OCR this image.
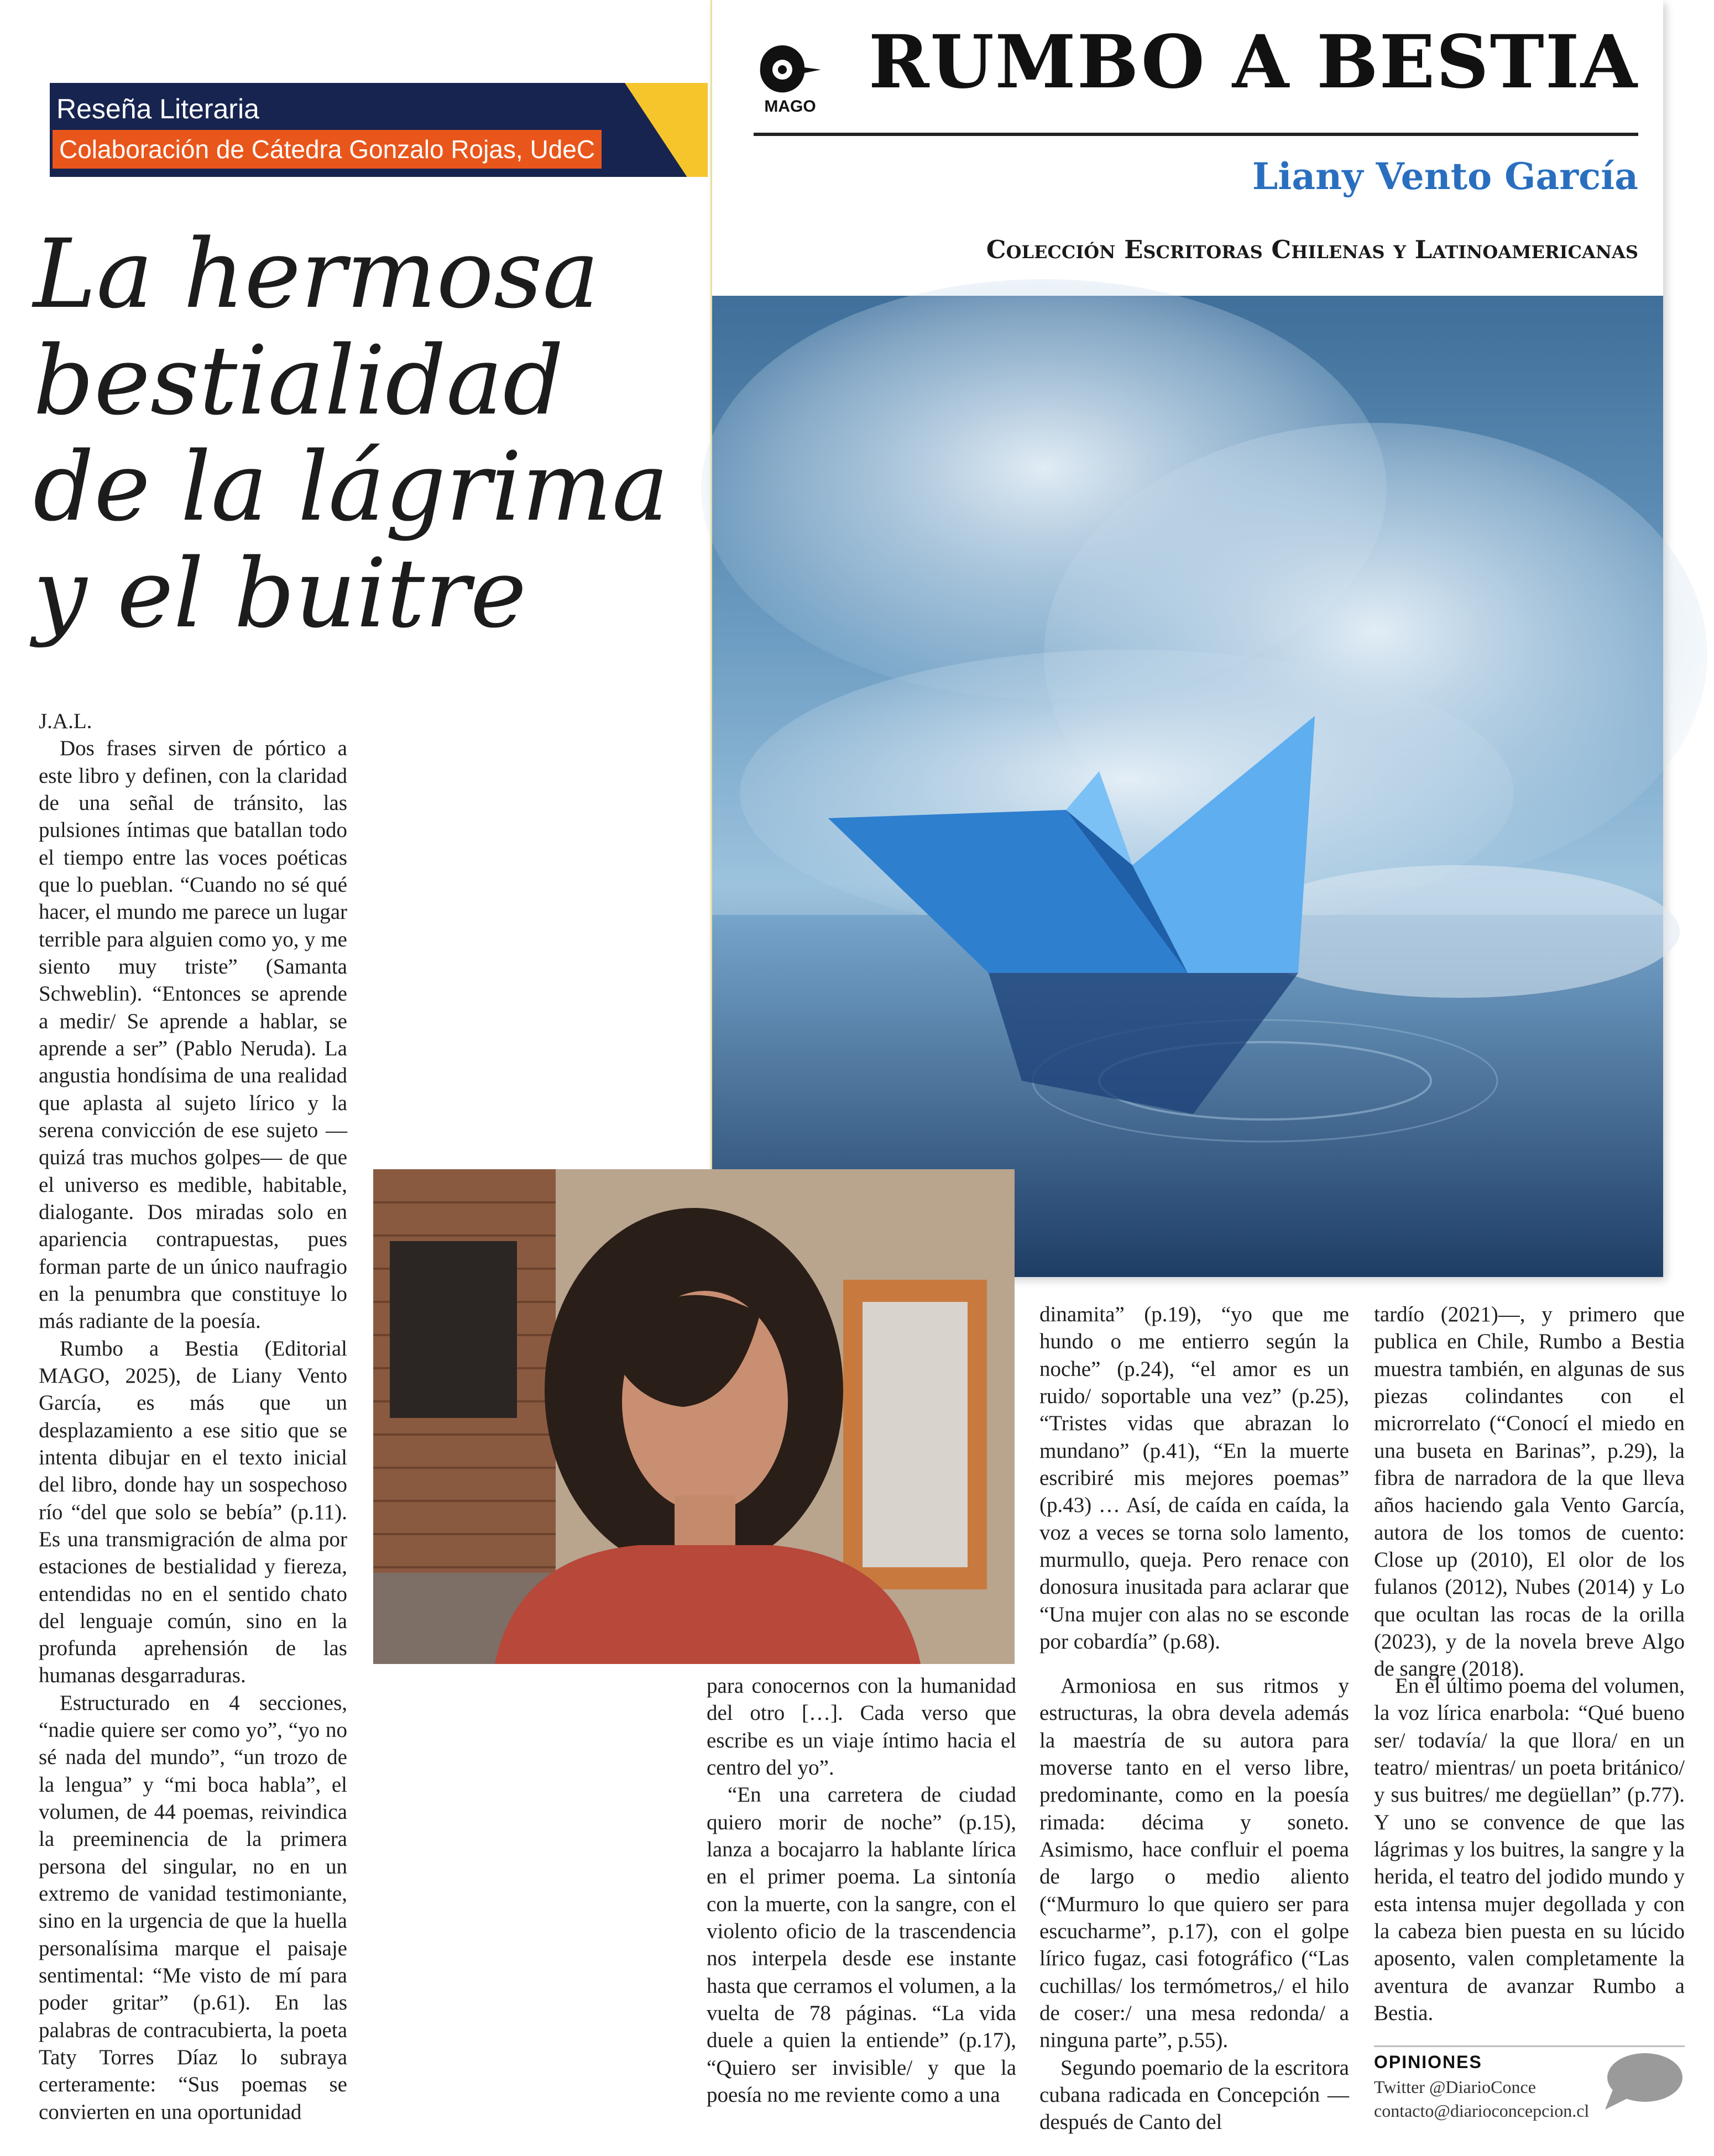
Reseña Literaria
Colaboración de Cátedra Gonzalo Rojas, UdeC
La hermosa
bestialidad
de la lágrima
y el buitre
MAGO
RUMBO A BESTIA
Liany Vento García
Colección Escritoras Chilenas y Latinoamericanas

J.A.L.

Dos frases sirven de pórtico a este libro y definen, con la claridad de una señal de tránsito, las pulsiones íntimas que batallan todo el tiempo entre las voces poéticas que lo pueblan. “Cuando no sé qué hacer, el mundo me parece un lugar terrible para alguien como yo, y me siento muy triste” (Samanta Schweblin). “Entonces se aprende a medir/ Se aprende a hablar, se aprende a ser” (Pablo Neruda). La angustia hondísima de una realidad que aplasta al sujeto lírico y la serena convicción de ese sujeto —quizá tras muchos golpes— de que el universo es medible, habitable, dialogante. Dos miradas solo en apariencia contrapuestas, pues forman parte de un único naufragio en la penumbra que constituye lo más radiante de la poesía.

Rumbo a Bestia (Editorial MAGO, 2025), de Liany Vento García, es más que un desplazamiento a ese sitio que se intenta dibujar en el texto inicial del libro, donde hay un sospechoso río “del que solo se bebía” (p.11). Es una transmigración de alma por estaciones de bestialidad y fiereza, entendidas no en el sentido chato del lenguaje común, sino en la profunda aprehensión de las humanas desgarraduras.

Estructurado en 4 secciones, “nadie quiere ser como yo”, “yo no sé nada del mundo”, “un trozo de la lengua” y “mi boca habla”, el volumen, de 44 poemas, reivindica la preeminencia de la primera persona del singular, no en un extremo de vanidad testimoniante, sino en la urgencia de que la huella personalísima marque el paisaje sentimental: “Me visto de mí para poder gritar” (p.61). En las palabras de contracubierta, la poeta Taty Torres Díaz lo subraya certeramente: “Sus poemas se convierten en una oportunidad

dinamita” (p.19), “yo que me hundo o me entierro según la noche” (p.24), “el amor es un ruido/ soportable una vez” (p.25), “Tristes vidas que abrazan lo mundano” (p.41), “En la muerte escribiré mis mejores poemas” (p.43) … Así, de caída en caída, la voz a veces se torna solo lamento, murmullo, queja. Pero renace con donosura inusitada para aclarar que “Una mujer con alas no se esconde por cobardía” (p.68).

tardío (2021)—, y primero que publica en Chile, Rumbo a Bestia muestra también, en algunas de sus piezas colindantes con el microrrelato (“Conocí el miedo en una buseta en Barinas”, p.29), la fibra de narradora de la que lleva años haciendo gala Vento García, autora de los tomos de cuento: Close up (2010), El olor de los fulanos (2012), Nubes (2014) y Lo que ocultan las rocas de la orilla (2023), y de la novela breve Algo de sangre (2018).

para conocernos con la humanidad del otro […]. Cada verso que escribe es un viaje íntimo hacia el centro del yo”.

“En una carretera de ciudad quiero morir de noche” (p.15), lanza a bocajarro la hablante lírica en el primer poema. La sintonía con la muerte, con la sangre, con el violento oficio de la trascendencia nos interpela desde ese instante hasta que cerramos el volumen, a la vuelta de 78 páginas. “La vida duele a quien la entiende” (p.17), “Quiero ser invisible/ y que la poesía no me reviente como a una

Armoniosa en sus ritmos y estructuras, la obra devela además la maestría de su autora para moverse tanto en el verso libre, predominante, como en la poesía rimada: décima y soneto. Asimismo, hace confluir el poema de largo o medio aliento (“Murmuro lo que quiero ser para escucharme”, p.17), con el golpe lírico fugaz, casi fotográfico (“Las cuchillas/ los termómetros,/ el hilo de coser:/ una mesa redonda/ a ninguna parte”, p.55).

Segundo poemario de la escritora cubana radicada en Concepción —después de Canto del

En el último poema del volumen, la voz lírica enarbola: “Qué bueno ser/ todavía/ la que llora/ en un teatro/ mientras/ un poeta británico/ y sus buitres/ me degüellan” (p.77). Y uno se convence de que las lágrimas y los buitres, la sangre y la herida, el teatro del jodido mundo y esta intensa mujer degollada y con la cabeza bien puesta en su lúcido aposento, valen completamente la aventura de avanzar Rumbo a Bestia.

OPINIONES
Twitter @DiarioConce
contacto@diarioconcepcion.cl
